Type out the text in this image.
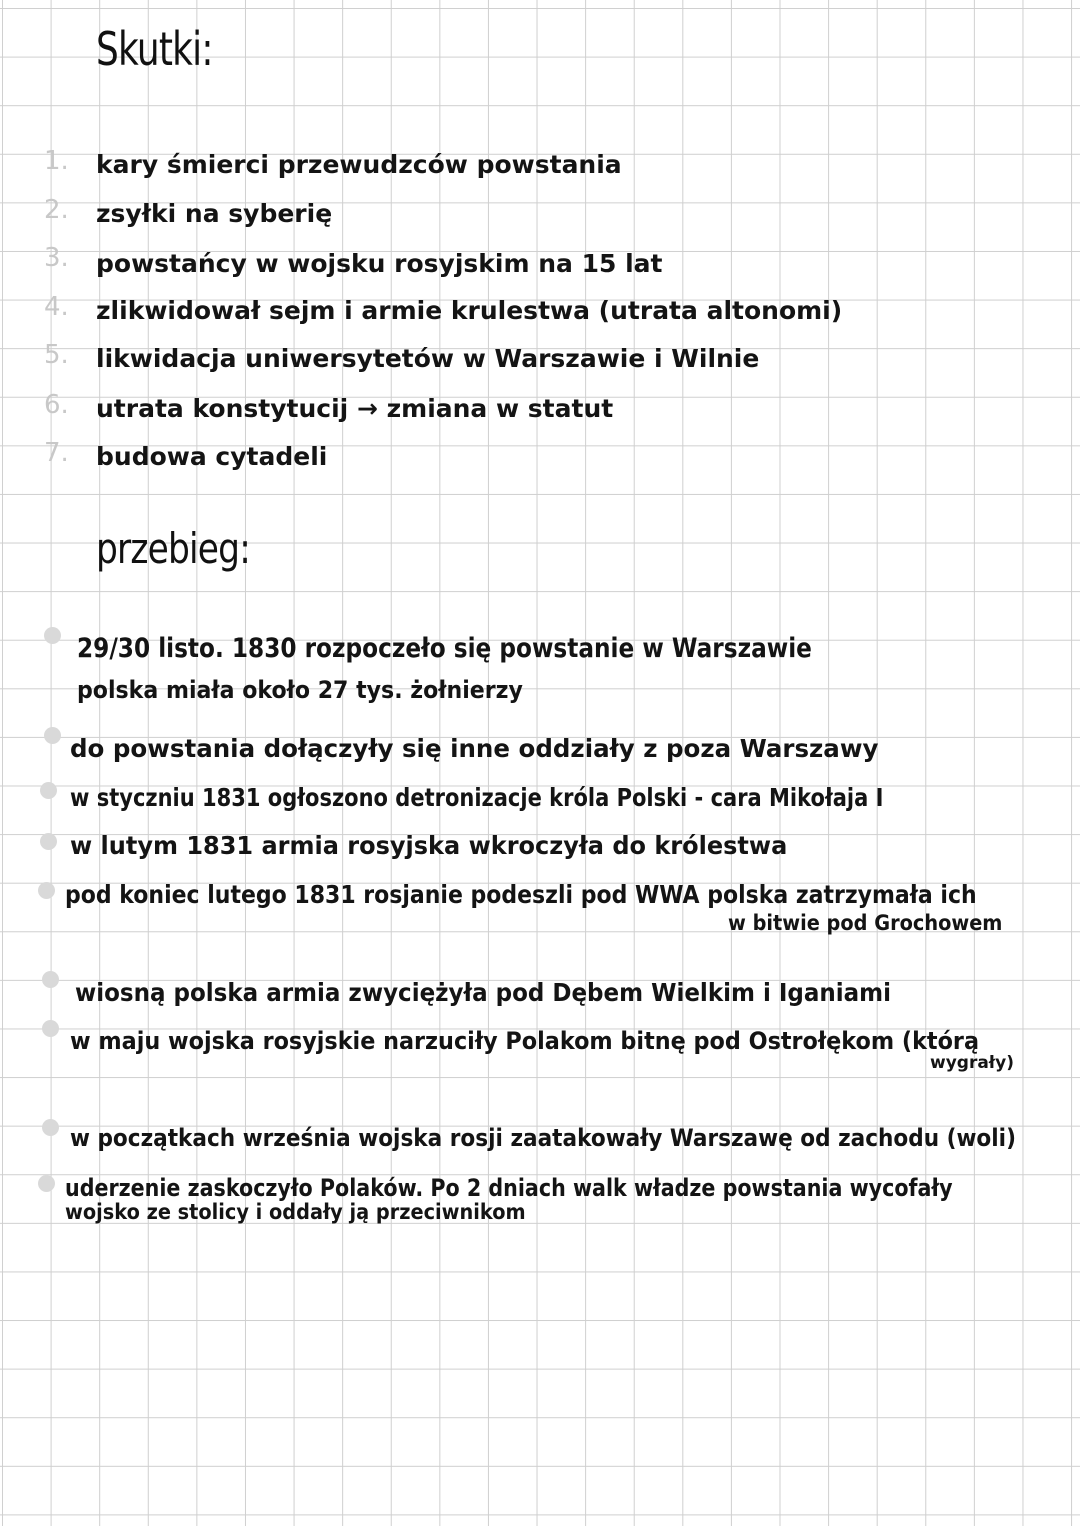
Skutki:
1. kary śmierci przewudzców powstania
2. zsyłki na syberię
3. powstańcy w wojsku rosyjskim na 15 lat
4. zlikwidował sejm i armie krulestwa (utrata altonomi)
5. likwidacja uniwersytetów w Warszawie i Wilnie
6. utrata konstytucij → zmiana w statut
7. budowa cytadeli
przebieg:
29/30 listo. 1830 rozpoczeło się powstanie w Warszawie
polska miała około 27 tys. żołnierzy
do powstania dołączyły się inne oddziały z poza Warszawy
w styczniu 1831 ogłoszono detronizacje króla Polski - cara Mikołaja I
w lutym 1831 armia rosyjska wkroczyła do królestwa
pod koniec lutego 1831 rosjanie podeszli pod WWA polska zatrzymała ich
w bitwie pod Grochowem
wiosną polska armia zwyciężyła pod Dębem Wielkim i Iganiami
w maju wojska rosyjskie narzuciły Polakom bitnę pod Ostrołękom (którą
wygrały)
w początkach września wojska rosji zaatakowały Warszawę od zachodu (woli)
uderzenie zaskoczyło Polaków. Po 2 dniach walk władze powstania wycofały
wojsko ze stolicy i oddały ją przeciwnikom
